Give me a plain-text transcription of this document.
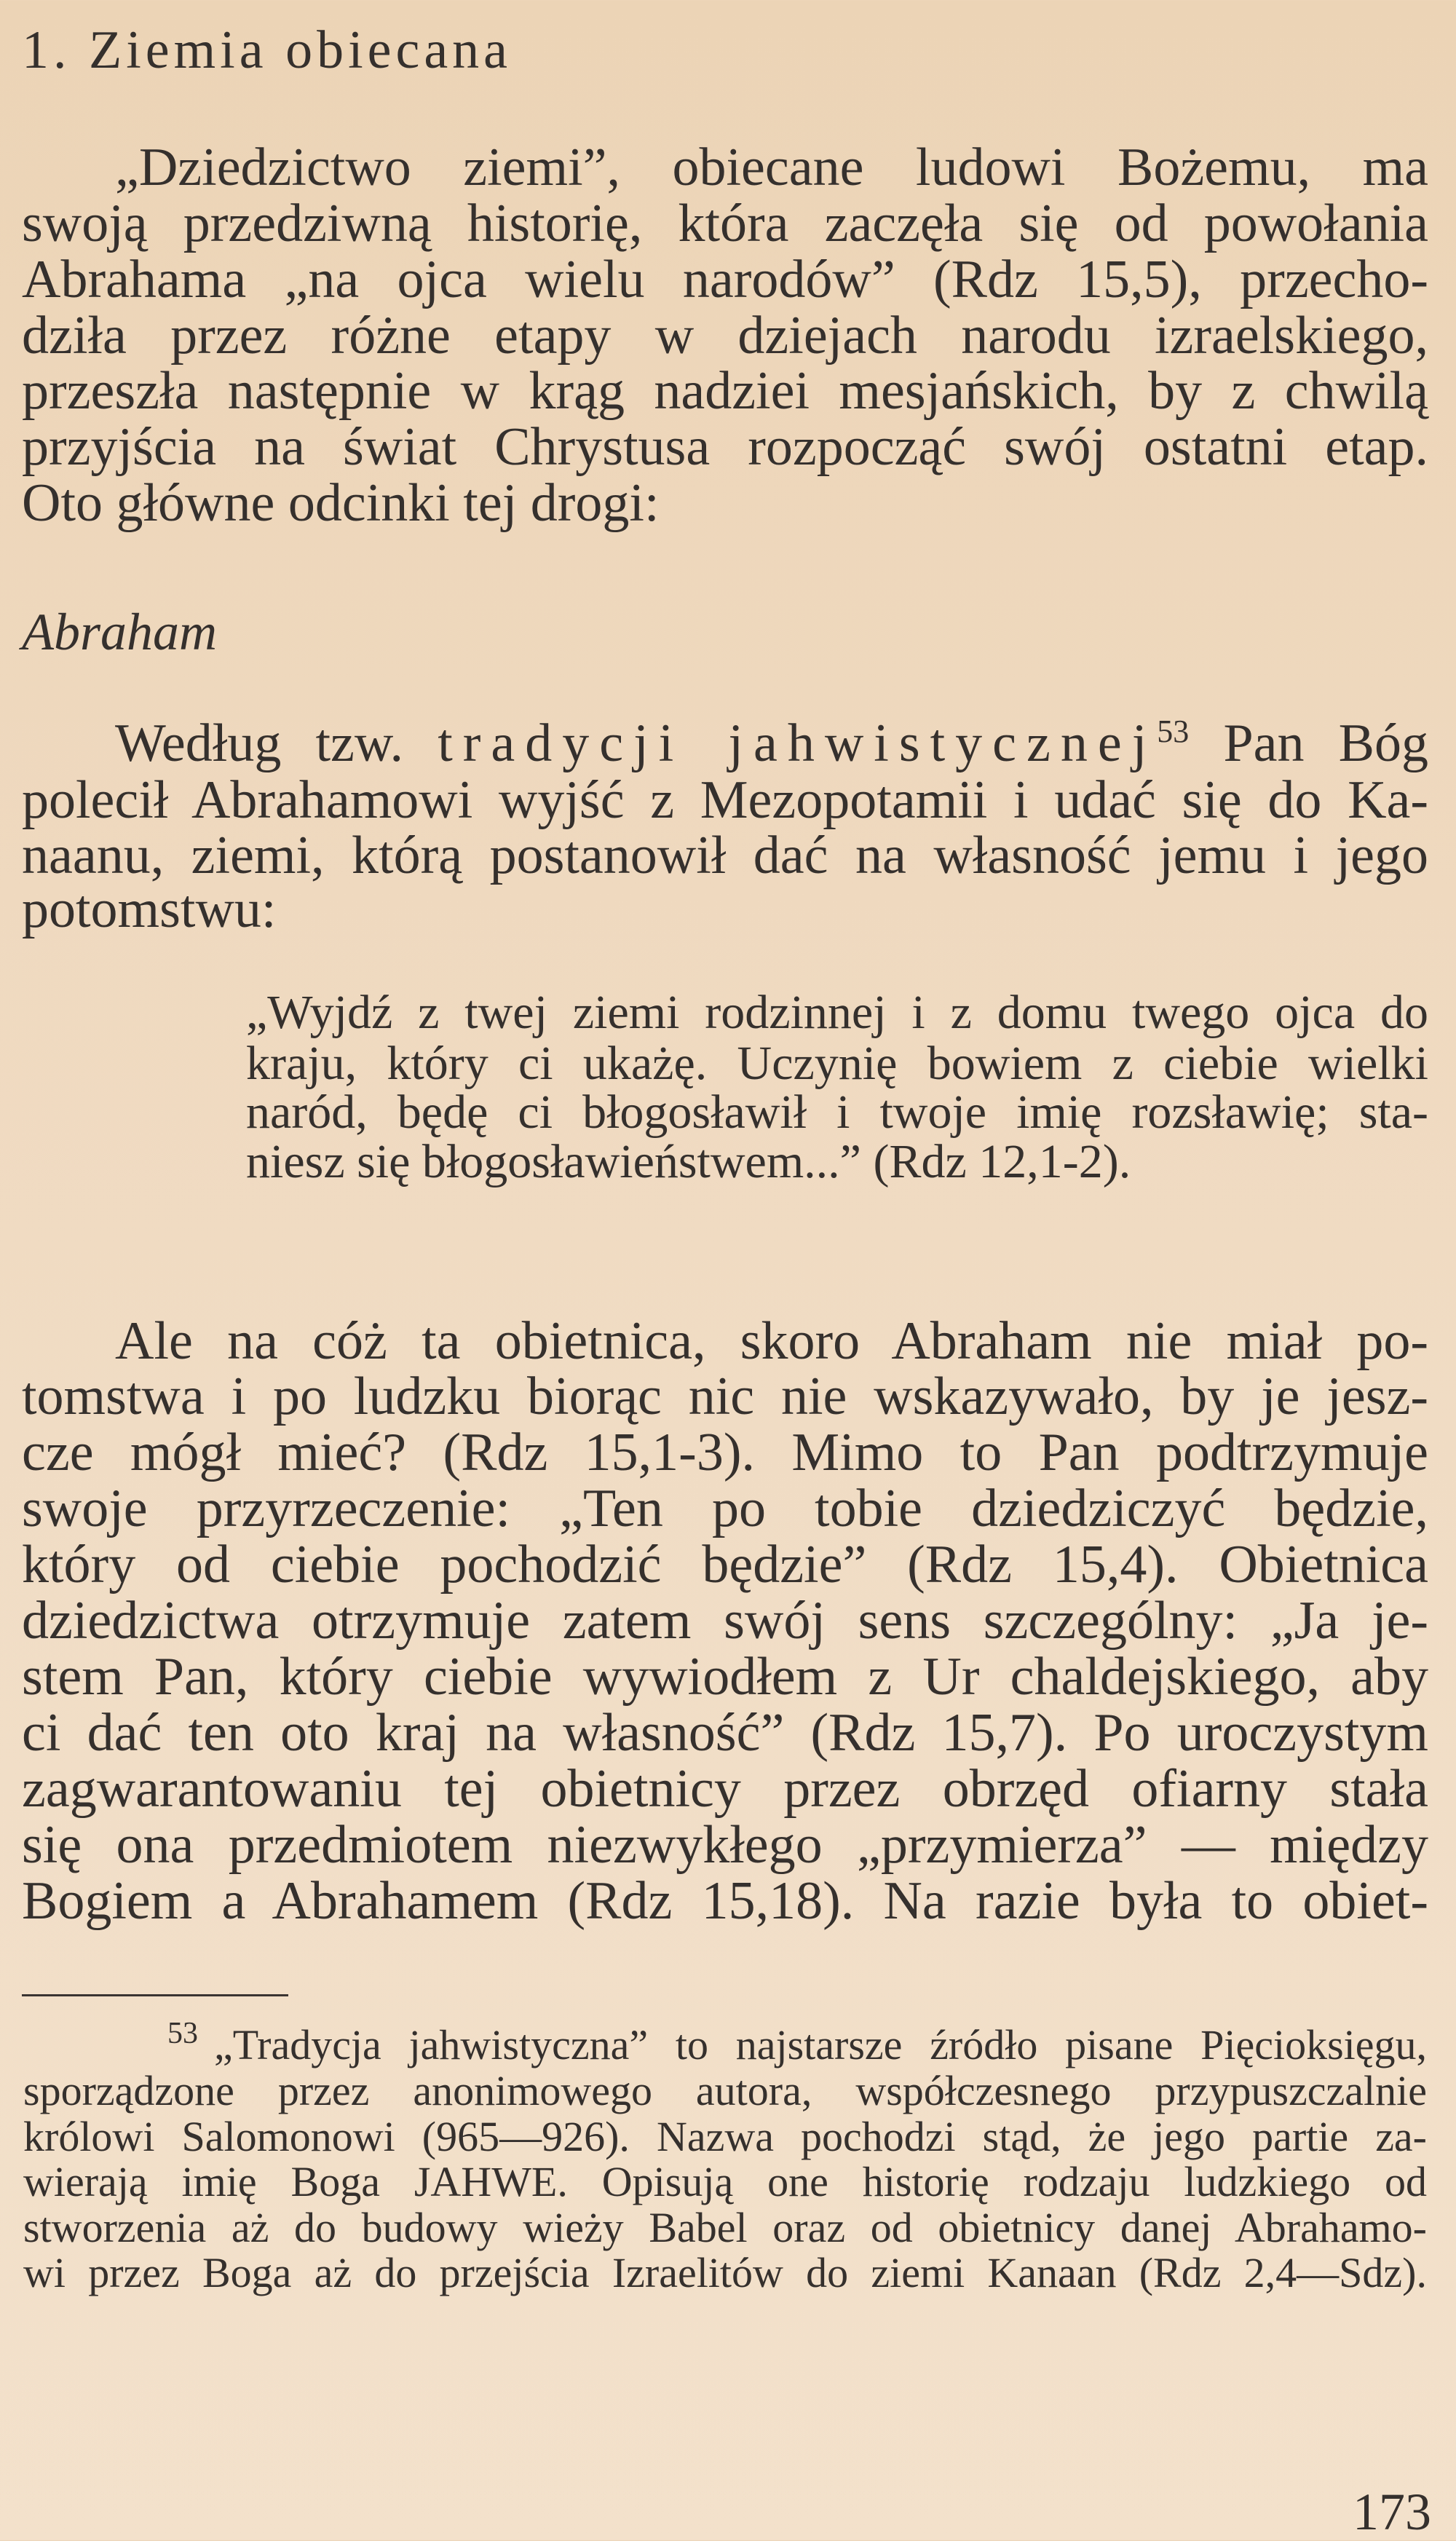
1. Ziemia obiecana
„Dziedzictwo ziemi”, obiecane ludowi Bożemu, ma
swoją przedziwną historię, która zaczęła się od powołania
Abrahama „na ojca wielu narodów” (Rdz 15,5), przecho-
dziła przez różne etapy w dziejach narodu izraelskiego,
przeszła następnie w krąg nadziei mesjańskich, by z chwilą
przyjścia na świat Chrystusa rozpocząć swój ostatni etap.
Oto główne odcinki tej drogi:
Abraham
Według tzw. tradycji jahwistycznej$^{53}$ Pan Bóg
polecił Abrahamowi wyjść z Mezopotamii i udać się do Ka-
naanu, ziemi, którą postanowił dać na własność jemu i jego
potomstwu:
„Wyjdź z twej ziemi rodzinnej i z domu twego ojca do
kraju, który ci ukażę. Uczynię bowiem z ciebie wielki
naród, będę ci błogosławił i twoje imię rozsławię; sta-
niesz się błogosławieństwem...” (Rdz 12,1-2).
Ale na cóż ta obietnica, skoro Abraham nie miał po-
tomstwa i po ludzku biorąc nic nie wskazywało, by je jesz-
cze mógł mieć? (Rdz 15,1-3). Mimo to Pan podtrzymuje
swoje przyrzeczenie: „Ten po tobie dziedziczyć będzie,
który od ciebie pochodzić będzie” (Rdz 15,4). Obietnica
dziedzictwa otrzymuje zatem swój sens szczególny: „Ja je-
stem Pan, który ciebie wywiodłem z Ur chaldejskiego, aby
ci dać ten oto kraj na własność” (Rdz 15,7). Po uroczystym
zagwarantowaniu tej obietnicy przez obrzęd ofiarny stała
się ona przedmiotem niezwykłego „przymierza” — między
Bogiem a Abrahamem (Rdz 15,18). Na razie była to obiet-
$^{53}$ „Tradycja jahwistyczna” to najstarsze źródło pisane Pięcioksięgu,
sporządzone przez anonimowego autora, współczesnego przypuszczalnie
królowi Salomonowi (965—926). Nazwa pochodzi stąd, że jego partie za-
wierają imię Boga JAHWE. Opisują one historię rodzaju ludzkiego od
stworzenia aż do budowy wieży Babel oraz od obietnicy danej Abrahamo-
wi przez Boga aż do przejścia Izraelitów do ziemi Kanaan (Rdz 2,4—Sdz).
173
